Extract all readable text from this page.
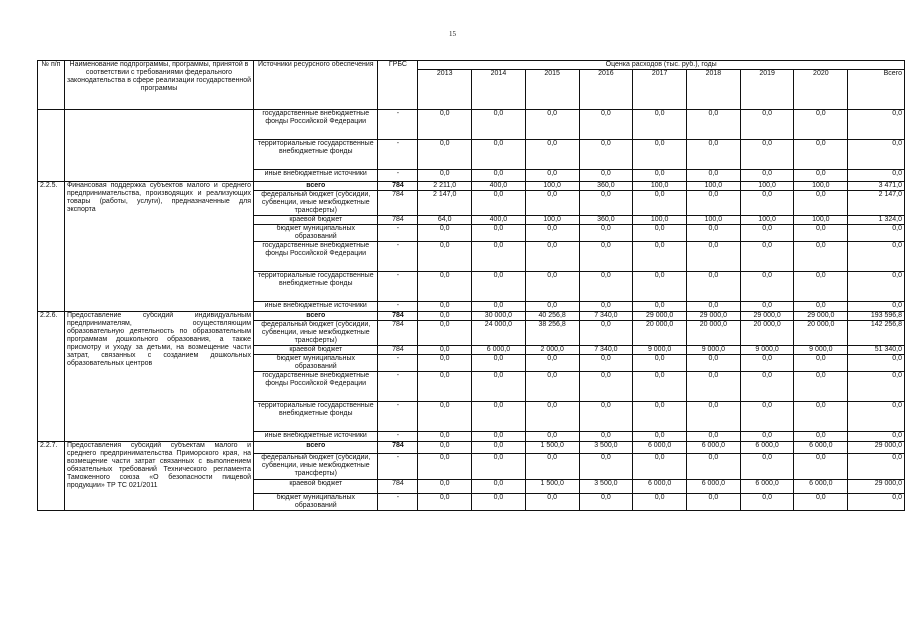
15
№ п/п	Наименование подпрограммы, программы, принятой в соответствии с требованиями федерального законодательства в сфере реализации государственной программы	Источники ресурсного обеспечения	ГРБС	Оценка расходов (тыс. руб.), годы								
				2013	2014	2015	2016	2017	2018	2019	2020	Всего
		государственные внебюджетные фонды Российской Федерации	-	0,0	0,0	0,0	0,0	0,0	0,0	0,0	0,0	0,0
		территориальные государственные внебюджетные фонды	-	0,0	0,0	0,0	0,0	0,0	0,0	0,0	0,0	0,0
		иные внебюджетные источники	-	0,0	0,0	0,0	0,0	0,0	0,0	0,0	0,0	0,0
2.2.5.	Финансовая поддержка субъектов малого и среднего предпринимательства, производящих и реализующих товары (работы, услуги), предназначенные для экспорта	всего	784	2 211,0	400,0	100,0	360,0	100,0	100,0	100,0	100,0	3 471,0
		федеральный бюджет (субсидии, субвенции, иные межбюджетные трансферты)	784	2 147,0	0,0	0,0	0,0	0,0	0,0	0,0	0,0	2 147,0
		краевой бюджет	784	64,0	400,0	100,0	360,0	100,0	100,0	100,0	100,0	1 324,0
		бюджет муниципальных образований	-	0,0	0,0	0,0	0,0	0,0	0,0	0,0	0,0	0,0
		государственные внебюджетные фонды Российской Федерации	-	0,0	0,0	0,0	0,0	0,0	0,0	0,0	0,0	0,0
		территориальные государственные внебюджетные фонды	-	0,0	0,0	0,0	0,0	0,0	0,0	0,0	0,0	0,0
		иные внебюджетные источники	-	0,0	0,0	0,0	0,0	0,0	0,0	0,0	0,0	0,0
2.2.6.	Предоставление субсидий индивидуальным предпринимателям, осуществляющим образовательную деятельность по образовательным программам дошкольного образования, а также присмотру и уходу за детьми, на возмещение части затрат, связанных с созданием дошкольных образовательных центров	всего	784	0,0	30 000,0	40 256,8	7 340,0	29 000,0	29 000,0	29 000,0	29 000,0	193 596,8
		федеральный бюджет (субсидии, субвенции, иные межбюджетные трансферты)	784	0,0	24 000,0	38 256,8	0,0	20 000,0	20 000,0	20 000,0	20 000,0	142 256,8
		краевой бюджет	784	0,0	6 000,0	2 000,0	7 340,0	9 000,0	9 000,0	9 000,0	9 000,0	51 340,0
		бюджет муниципальных образований	-	0,0	0,0	0,0	0,0	0,0	0,0	0,0	0,0	0,0
		государственные внебюджетные фонды Российской Федерации	-	0,0	0,0	0,0	0,0	0,0	0,0	0,0	0,0	0,0
		территориальные государственные внебюджетные фонды	-	0,0	0,0	0,0	0,0	0,0	0,0	0,0	0,0	0,0
		иные внебюджетные источники	-	0,0	0,0	0,0	0,0	0,0	0,0	0,0	0,0	0,0
2.2.7.	Предоставления субсидий субъектам малого и среднего предпринимательства Приморского края, на возмещение части затрат связанных с выполнением обязательных требований Технического регламента Таможенного союза «О безопасности пищевой продукции» ТР ТС 021/2011	всего	784	0,0	0,0	1 500,0	3 500,0	6 000,0	6 000,0	6 000,0	6 000,0	29 000,0
		федеральный бюджет (субсидии, субвенции, иные межбюджетные трансферты)	-	0,0	0,0	0,0	0,0	0,0	0,0	0,0	0,0	0,0
		краевой бюджет	784	0,0	0,0	1 500,0	3 500,0	6 000,0	6 000,0	6 000,0	6 000,0	29 000,0
		бюджет муниципальных образований	-	0,0	0,0	0,0	0,0	0,0	0,0	0,0	0,0	0,0
